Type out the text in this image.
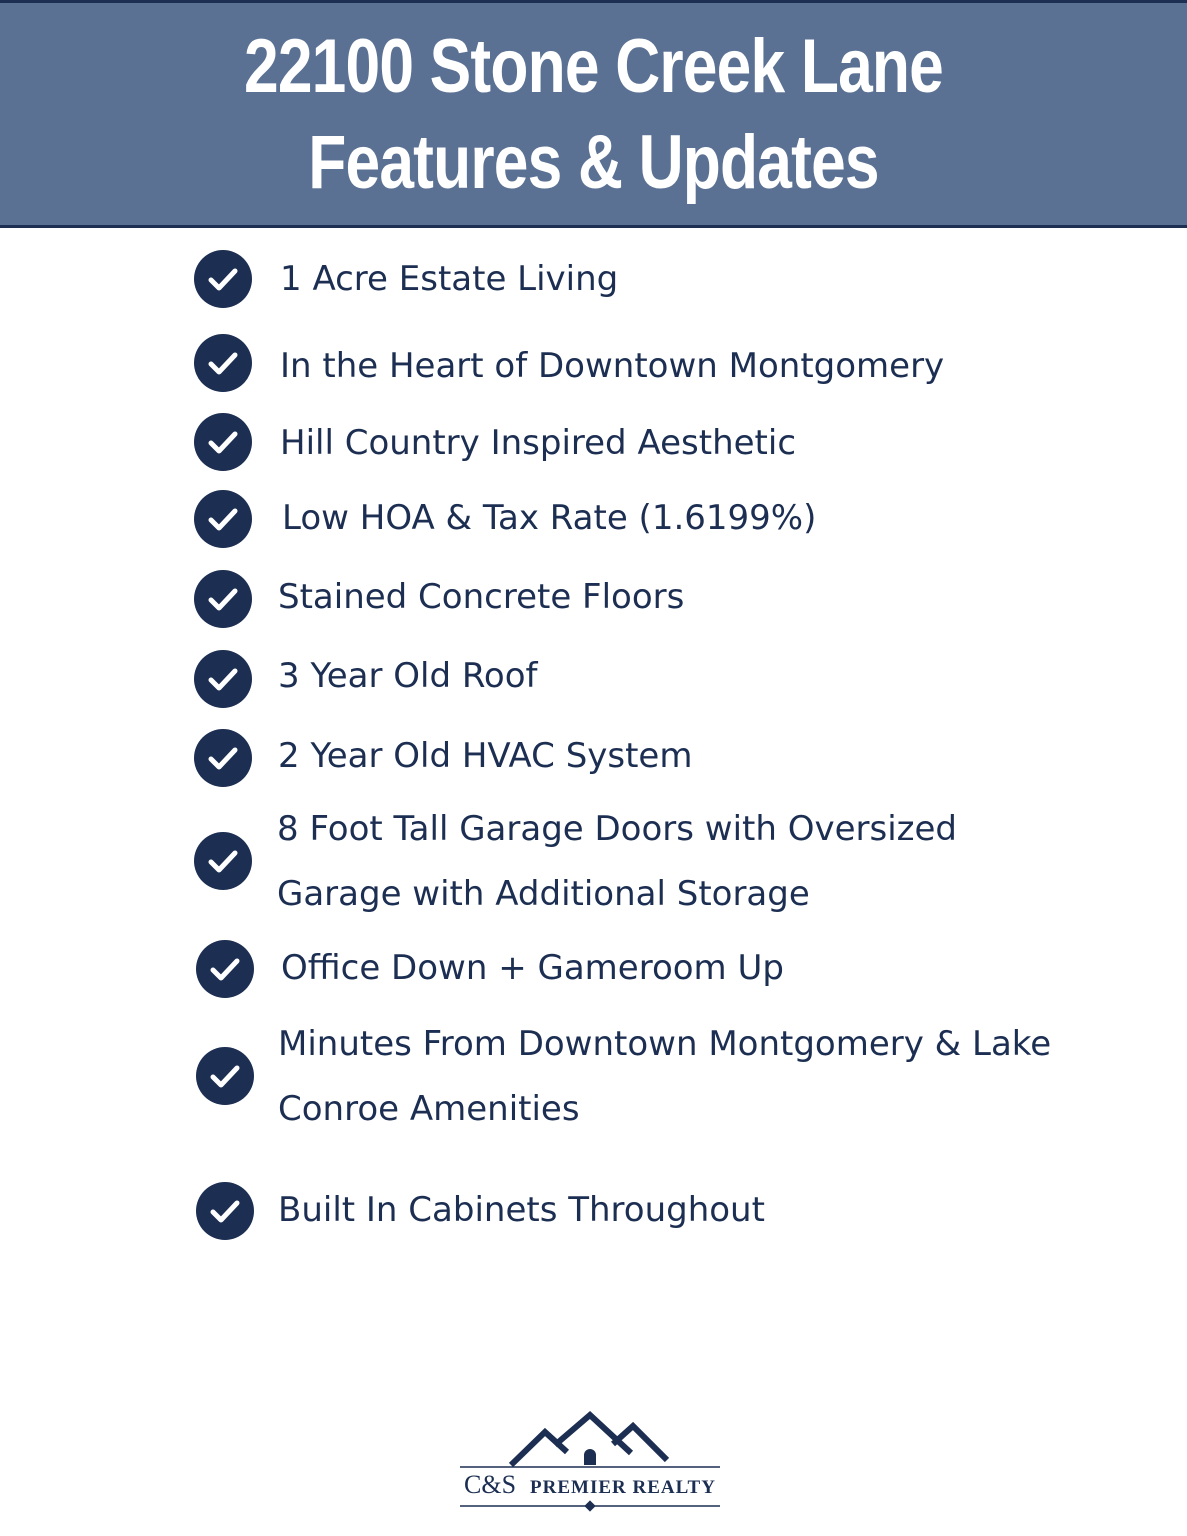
22100 Stone Creek Lane
Features & Updates
1 Acre Estate Living
In the Heart of Downtown Montgomery
Hill Country Inspired Aesthetic
Low HOA & Tax Rate (1.6199%)
Stained Concrete Floors
3 Year Old Roof
2 Year Old HVAC System
8 Foot Tall Garage Doors with Oversized Garage with Additional Storage
Office Down + Gameroom Up
Minutes From Downtown Montgomery & Lake Conroe Amenities
Built In Cabinets Throughout
C&S PREMIER REALTY
